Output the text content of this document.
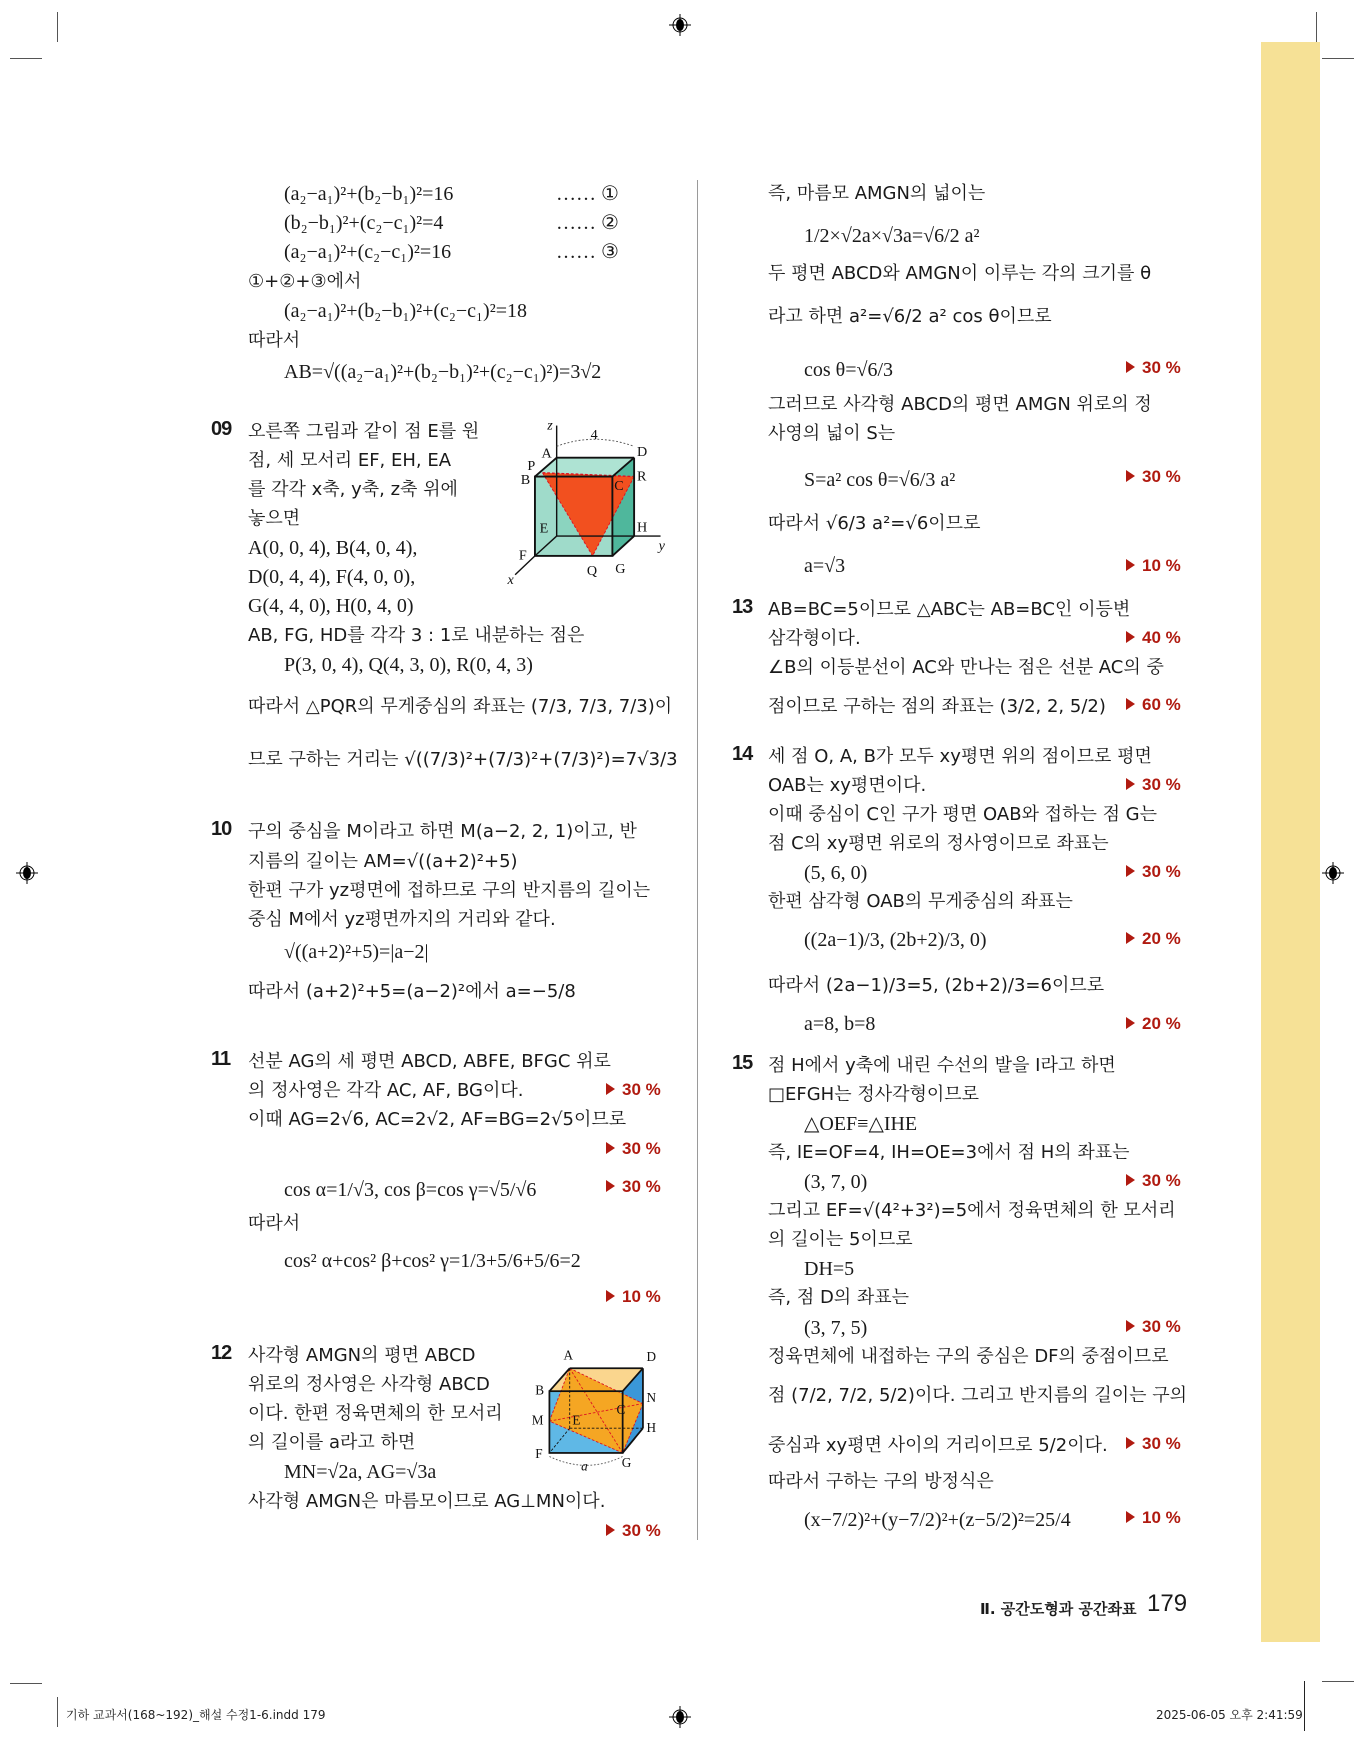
(a₂−a₁)²+(b₂−b₁)²=16	…… ①
(b₂−b₁)²+(c₂−c₁)²=4	…… ②
(a₂−a₁)²+(c₂−c₁)²=16	…… ③
①+②+③에서
(a₂−a₁)²+(b₂−b₁)²+(c₂−c₁)²=18
따라서
AB=√((a₂−a₁)²+(b₂−b₁)²+(c₂−c₁)²)=3√2
09 오른쪽 그림과 같이 점 E를 원
점, 세 모서리 EF, EH, EA
를 각각 x축, y축, z축 위에
놓으면
A(0, 0, 4), B(4, 0, 4),
D(0, 4, 4), F(4, 0, 0),
G(4, 4, 0), H(0, 4, 0)
AB, FG, HD를 각각 3 : 1로 내분하는 점은
P(3, 0, 4), Q(4, 3, 0), R(0, 4, 3)
따라서 △PQR의 무게중심의 좌표는 (7/3, 7/3, 7/3)이
므로 구하는 거리는 √((7/3)²+(7/3)²+(7/3)²)=7√3/3
z
A
4
D
P
B	C
R
E	H
y
F
Q G
x
10 구의 중심을 M이라고 하면 M(a−2, 2, 1)이고, 반
지름의 길이는 AM=√((a+2)²+5)
한편 구가 yz평면에 접하므로 구의 반지름의 길이는
중심 M에서 yz평면까지의 거리와 같다.
√((a+2)²+5)=|a−2|
따라서 (a+2)²+5=(a−2)²에서 a=−5/8
11 선분 AG의 세 평면 ABCD, ABFE, BFGC 위로
의 정사영은 각각 AC, AF, BG이다.	30 %
이때 AG=2√6, AC=2√2, AF=BG=2√5이므로
30 %
cos α=1/√3, cos β=cos γ=√5/√6	30 %
따라서
cos² α+cos² β+cos² γ=1/3+5/6+5/6=2
10 %
12 사각형 AMGN의 평면 ABCD
위로의 정사영은 사각형 ABCD
이다. 한편 정육면체의 한 모서리
의 길이를 a라고 하면
MN=√2a, AG=√3a
사각형 AMGN은 마름모이므로 AG⊥MN이다.
30 %
A	D
B	N
M E
C
H
F
G
a
즉, 마름모 AMGN의 넓이는
1/2×√2a×√3a=√6/2 a²
두 평면 ABCD와 AMGN이 이루는 각의 크기를 θ
라고 하면 a²=√6/2 a² cos θ이므로
cos θ=√6/3	30 %
그러므로 사각형 ABCD의 평면 AMGN 위로의 정
사영의 넓이 S는
S=a² cos θ=√6/3 a²	30 %
따라서 √6/3 a²=√6이므로
a=√3	10 %
13 AB=BC=5이므로 △ABC는 AB=BC인 이등변
삼각형이다.	40 %
∠B의 이등분선이 AC와 만나는 점은 선분 AC의 중
점이므로 구하는 점의 좌표는 (3/2, 2, 5/2)	60 %
14 세 점 O, A, B가 모두 xy평면 위의 점이므로 평면
OAB는 xy평면이다.	30 %
이때 중심이 C인 구가 평면 OAB와 접하는 점 G는
점 C의 xy평면 위로의 정사영이므로 좌표는
(5, 6, 0)	30 %
한편 삼각형 OAB의 무게중심의 좌표는
((2a−1)/3, (2b+2)/3, 0)	20 %
따라서 (2a−1)/3=5, (2b+2)/3=6이므로
a=8, b=8	20 %
15 점 H에서 y축에 내린 수선의 발을 I라고 하면
□EFGH는 정사각형이므로
△OEF≡△IHE
즉, IE=OF=4, IH=OE=3에서 점 H의 좌표는
(3, 7, 0)	30 %
그리고 EF=√(4²+3²)=5에서 정육면체의 한 모서리
의 길이는 5이므로
DH=5
즉, 점 D의 좌표는
(3, 7, 5)	30 %
정육면체에 내접하는 구의 중심은 DF의 중점이므로
점 (7/2, 7/2, 5/2)이다. 그리고 반지름의 길이는 구의
중심과 xy평면 사이의 거리이므로 5/2이다.	30 %
따라서 구하는 구의 방정식은
(x−7/2)²+(y−7/2)²+(z−5/2)²=25/4	10 %
Ⅱ. 공간도형과 공간좌표 179
기하 교과서(168~192)_해설 수정1-6.indd 179	2025-06-05 오후 2:41:59
